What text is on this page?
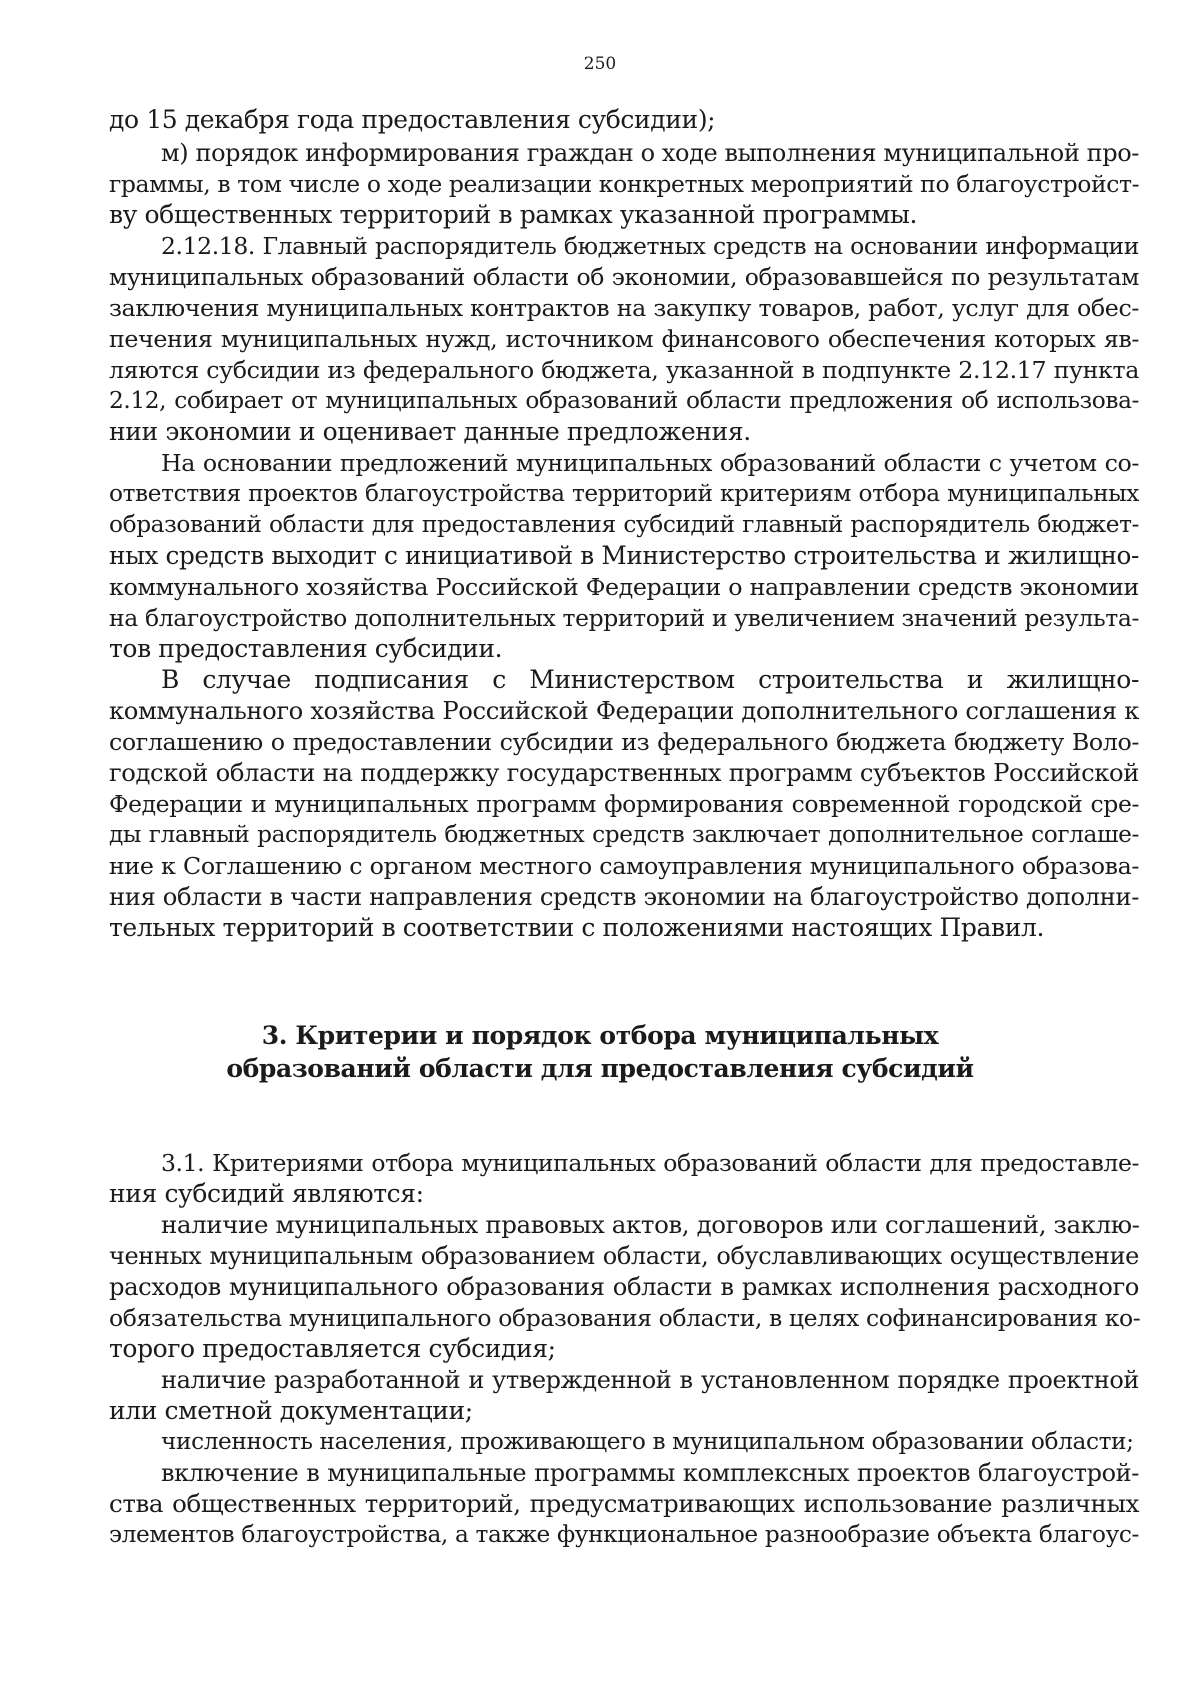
250
до 15 декабря года предоставления субсидии);
м) порядок информирования граждан о ходе выполнения муниципальной про-
граммы, в том числе о ходе реализации конкретных мероприятий по благоустройст-
ву общественных территорий в рамках указанной программы.
2.12.18. Главный распорядитель бюджетных средств на основании информации
муниципальных образований области об экономии, образовавшейся по результатам
заключения муниципальных контрактов на закупку товаров, работ, услуг для обес-
печения муниципальных нужд, источником финансового обеспечения которых яв-
ляются субсидии из федерального бюджета, указанной в подпункте 2.12.17 пункта
2.12, собирает от муниципальных образований области предложения об использова-
нии экономии и оценивает данные предложения.
На основании предложений муниципальных образований области с учетом со-
ответствия проектов благоустройства территорий критериям отбора муниципальных
образований области для предоставления субсидий главный распорядитель бюджет-
ных средств выходит с инициативой в Министерство строительства и жилищно-
коммунального хозяйства Российской Федерации о направлении средств экономии
на благоустройство дополнительных территорий и увеличением значений результа-
тов предоставления субсидии.
В случае подписания с Министерством строительства и жилищно-
коммунального хозяйства Российской Федерации дополнительного соглашения к
соглашению о предоставлении субсидии из федерального бюджета бюджету Воло-
годской области на поддержку государственных программ субъектов Российской
Федерации и муниципальных программ формирования современной городской сре-
ды главный распорядитель бюджетных средств заключает дополнительное соглаше-
ние к Соглашению с органом местного самоуправления муниципального образова-
ния области в части направления средств экономии на благоустройство дополни-
тельных территорий в соответствии с положениями настоящих Правил.
3. Критерии и порядок отбора муниципальных
образований области для предоставления субсидий
3.1. Критериями отбора муниципальных образований области для предоставле-
ния субсидий являются:
наличие муниципальных правовых актов, договоров или соглашений, заклю-
ченных муниципальным образованием области, обуславливающих осуществление
расходов муниципального образования области в рамках исполнения расходного
обязательства муниципального образования области, в целях софинансирования ко-
торого предоставляется субсидия;
наличие разработанной и утвержденной в установленном порядке проектной
или сметной документации;
численность населения, проживающего в муниципальном образовании области;
включение в муниципальные программы комплексных проектов благоустрой-
ства общественных территорий, предусматривающих использование различных
элементов благоустройства, а также функциональное разнообразие объекта благоус-
